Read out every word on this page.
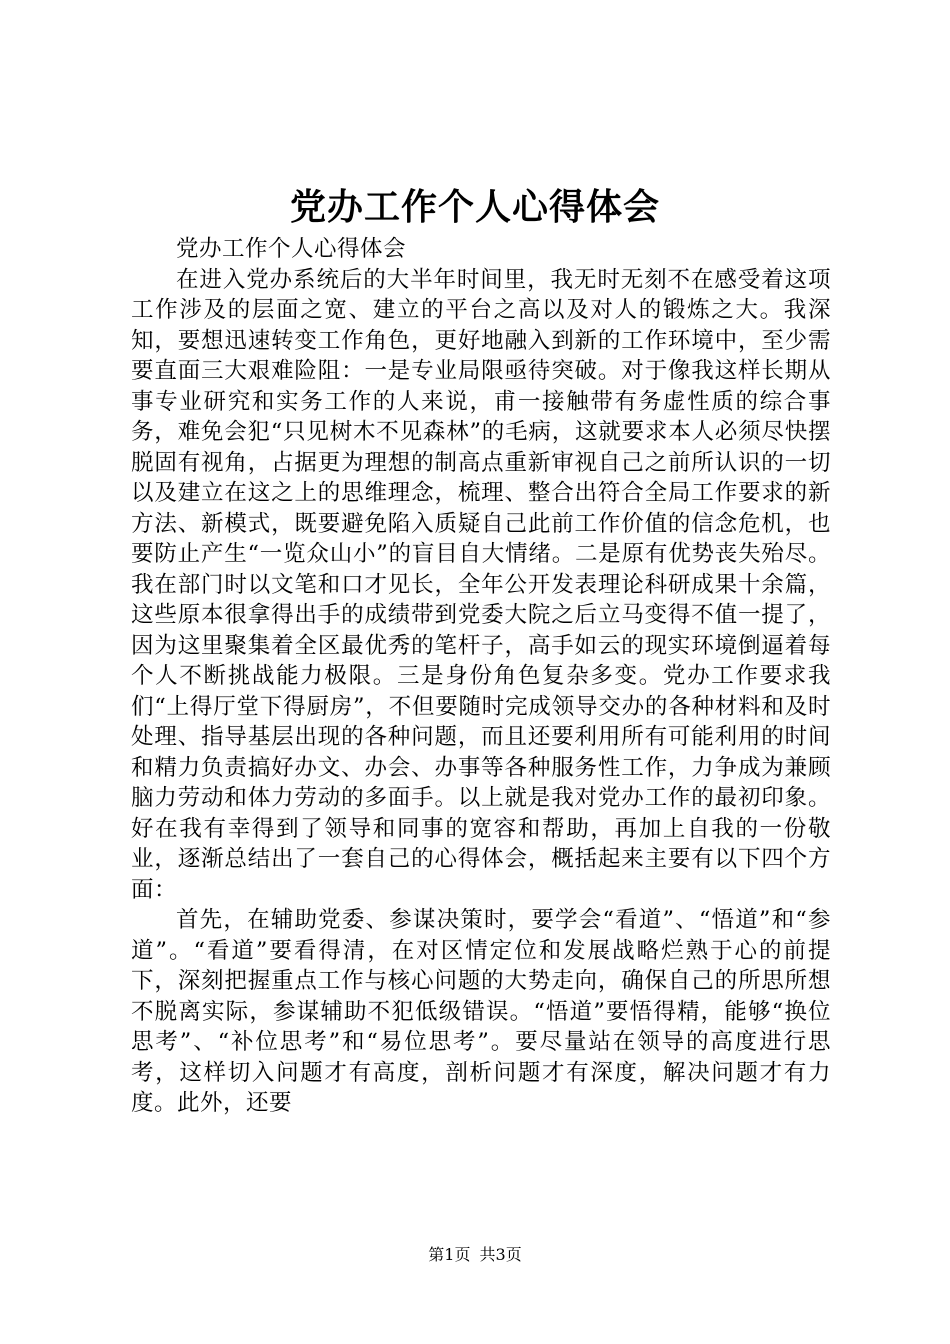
党办工作个人心得体会

党办工作个人心得体会

在进入党办系统后的大半年时间里，我无时无刻不在感受着这项工作涉及的层面之宽、建立的平台之高以及对人的锻炼之大。我深知，要想迅速转变工作角色，更好地融入到新的工作环境中，至少需要直面三大艰难险阻：一是专业局限亟待突破。对于像我这样长期从事专业研究和实务工作的人来说，甫一接触带有务虚性质的综合事务，难免会犯“只见树木不见森林”的毛病，这就要求本人必须尽快摆脱固有视角，占据更为理想的制高点重新审视自己之前所认识的一切以及建立在这之上的思维理念，梳理、整合出符合全局工作要求的新方法、新模式，既要避免陷入质疑自己此前工作价值的信念危机，也要防止产生“一览众山小”的盲目自大情绪。二是原有优势丧失殆尽。我在部门时以文笔和口才见长，全年公开发表理论科研成果十余篇，这些原本很拿得出手的成绩带到党委大院之后立马变得不值一提了，因为这里聚集着全区最优秀的笔杆子，高手如云的现实环境倒逼着每个人不断挑战能力极限。三是身份角色复杂多变。党办工作要求我们“上得厅堂下得厨房”，不但要随时完成领导交办的各种材料和及时处理、指导基层出现的各种问题，而且还要利用所有可能利用的时间和精力负责搞好办文、办会、办事等各种服务性工作，力争成为兼顾脑力劳动和体力劳动的多面手。以上就是我对党办工作的最初印象。好在我有幸得到了领导和同事的宽容和帮助，再加上自我的一份敬业，逐渐总结出了一套自己的心得体会，概括起来主要有以下四个方面：

首先，在辅助党委、参谋决策时，要学会“看道”、“悟道”和“参道”。“看道”要看得清，在对区情定位和发展战略烂熟于心的前提下，深刻把握重点工作与核心问题的大势走向，确保自己的所思所想不脱离实际，参谋辅助不犯低级错误。“悟道”要悟得精，能够“换位思考”、“补位思考”和“易位思考”。要尽量站在领导的高度进行思考，这样切入问题才有高度，剖析问题才有深度，解决问题才有力度。此外，还要

第1页 共3页
